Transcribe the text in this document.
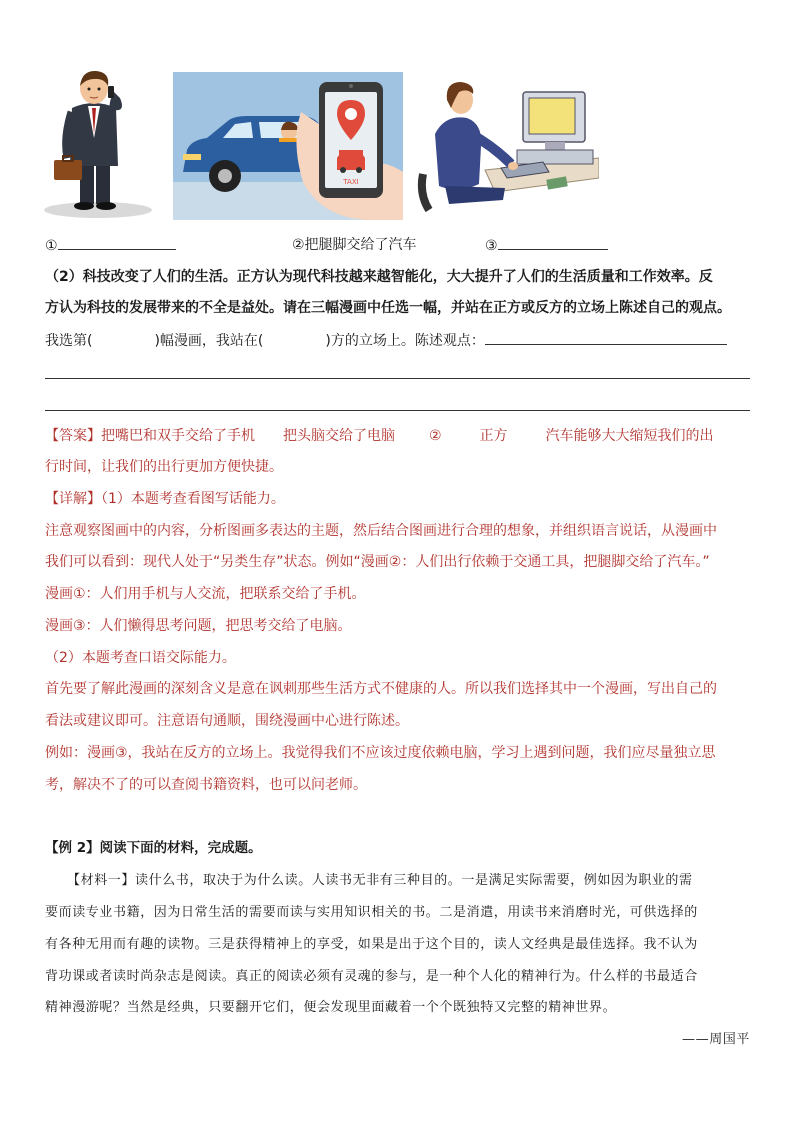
TAXI
①	②把腿脚交给了汽车	③
（2）科技改变了人们的生活。正方认为现代科技越来越智能化，大大提升了人们的生活质量和工作效率。反
方认为科技的发展带来的不全是益处。请在三幅漫画中任选一幅，并站在正方或反方的立场上陈述自己的观点。
我选第(	)幅漫画，我站在(	)方的立场上。陈述观点：
【答案】把嘴巴和双手交给了手机 把头脑交给了电脑 ②	正方	汽车能够大大缩短我们的出
行时间，让我们的出行更加方便快捷。
【详解】（1）本题考查看图写话能力。
注意观察图画中的内容，分析图画多表达的主题，然后结合图画进行合理的想象，并组织语言说话，从漫画中
我们可以看到：现代人处于“另类生存”状态。例如“漫画②：人们出行依赖于交通工具，把腿脚交给了汽车。”
漫画①：人们用手机与人交流，把联系交给了手机。
漫画③：人们懒得思考问题，把思考交给了电脑。
（2）本题考查口语交际能力。
首先要了解此漫画的深刻含义是意在讽刺那些生活方式不健康的人。所以我们选择其中一个漫画，写出自己的
看法或建议即可。注意语句通顺，围绕漫画中心进行陈述。
例如：漫画③，我站在反方的立场上。我觉得我们不应该过度依赖电脑，学习上遇到问题，我们应尽量独立思
考，解决不了的可以查阅书籍资料，也可以问老师。
【例 2】阅读下面的材料，完成题。
【材料一】读什么书，取决于为什么读。人读书无非有三种目的。一是满足实际需要，例如因为职业的需
要而读专业书籍，因为日常生活的需要而读与实用知识相关的书。二是消遣，用读书来消磨时光，可供选择的
有各种无用而有趣的读物。三是获得精神上的享受，如果是出于这个目的，读人文经典是最佳选择。我不认为
背功课或者读时尚杂志是阅读。真正的阅读必须有灵魂的参与，是一种个人化的精神行为。什么样的书最适合
精神漫游呢？当然是经典，只要翻开它们，便会发现里面藏着一个个既独特又完整的精神世界。
——周国平
